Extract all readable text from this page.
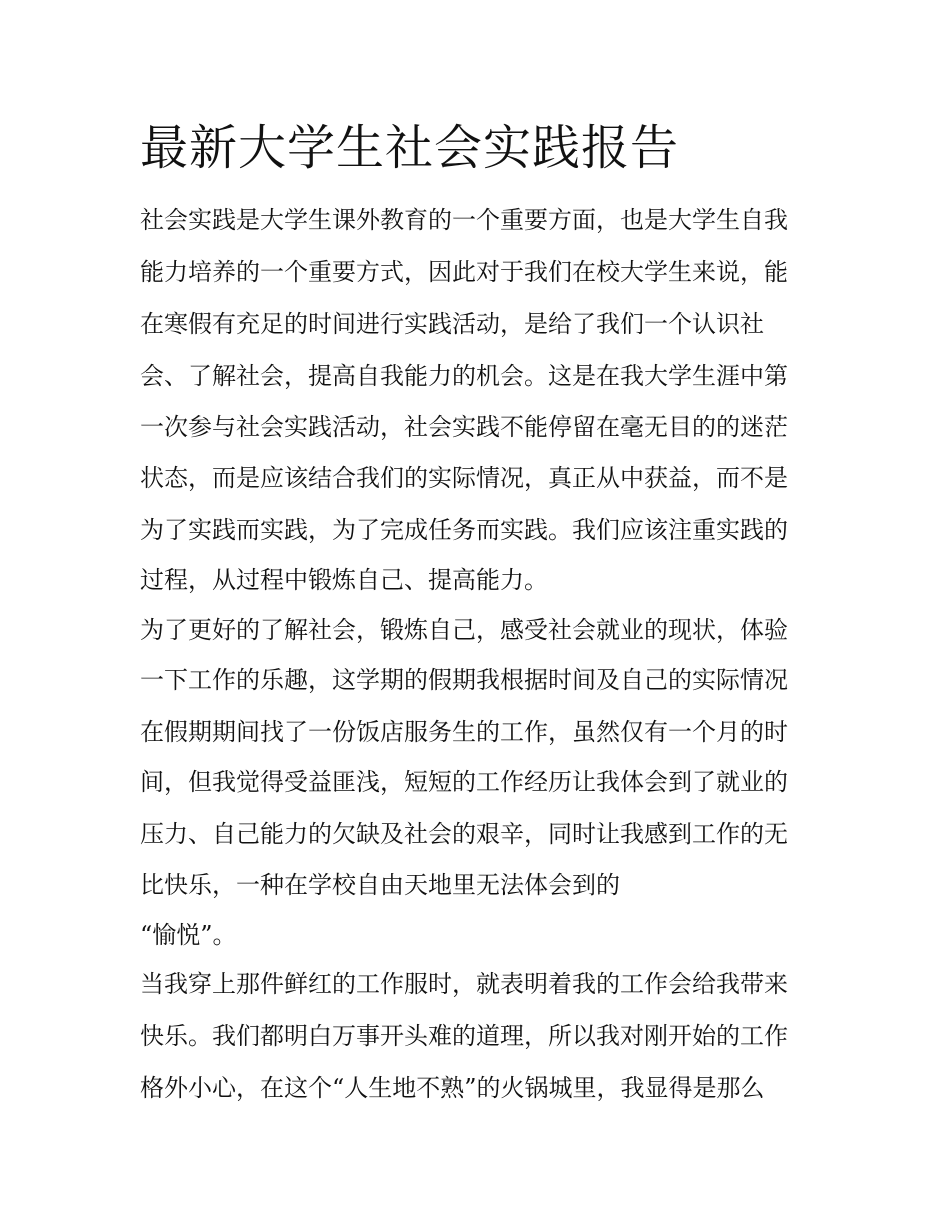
最新大学生社会实践报告
社会实践是大学生课外教育的一个重要方面，也是大学生自我
能力培养的一个重要方式，因此对于我们在校大学生来说，能
在寒假有充足的时间进行实践活动，是给了我们一个认识社
会、了解社会，提高自我能力的机会。这是在我大学生涯中第
一次参与社会实践活动，社会实践不能停留在毫无目的的迷茫
状态，而是应该结合我们的实际情况，真正从中获益，而不是
为了实践而实践，为了完成任务而实践。我们应该注重实践的
过程，从过程中锻炼自己、提高能力。
为了更好的了解社会，锻炼自己，感受社会就业的现状，体验
一下工作的乐趣，这学期的假期我根据时间及自己的实际情况
在假期期间找了一份饭店服务生的工作，虽然仅有一个月的时
间，但我觉得受益匪浅，短短的工作经历让我体会到了就业的
压力、自己能力的欠缺及社会的艰辛，同时让我感到工作的无
比快乐，一种在学校自由天地里无法体会到的
“愉悦”。
当我穿上那件鲜红的工作服时，就表明着我的工作会给我带来
快乐。我们都明白万事开头难的道理，所以我对刚开始的工作
格外小心，在这个“人生地不熟”的火锅城里，我显得是那么
